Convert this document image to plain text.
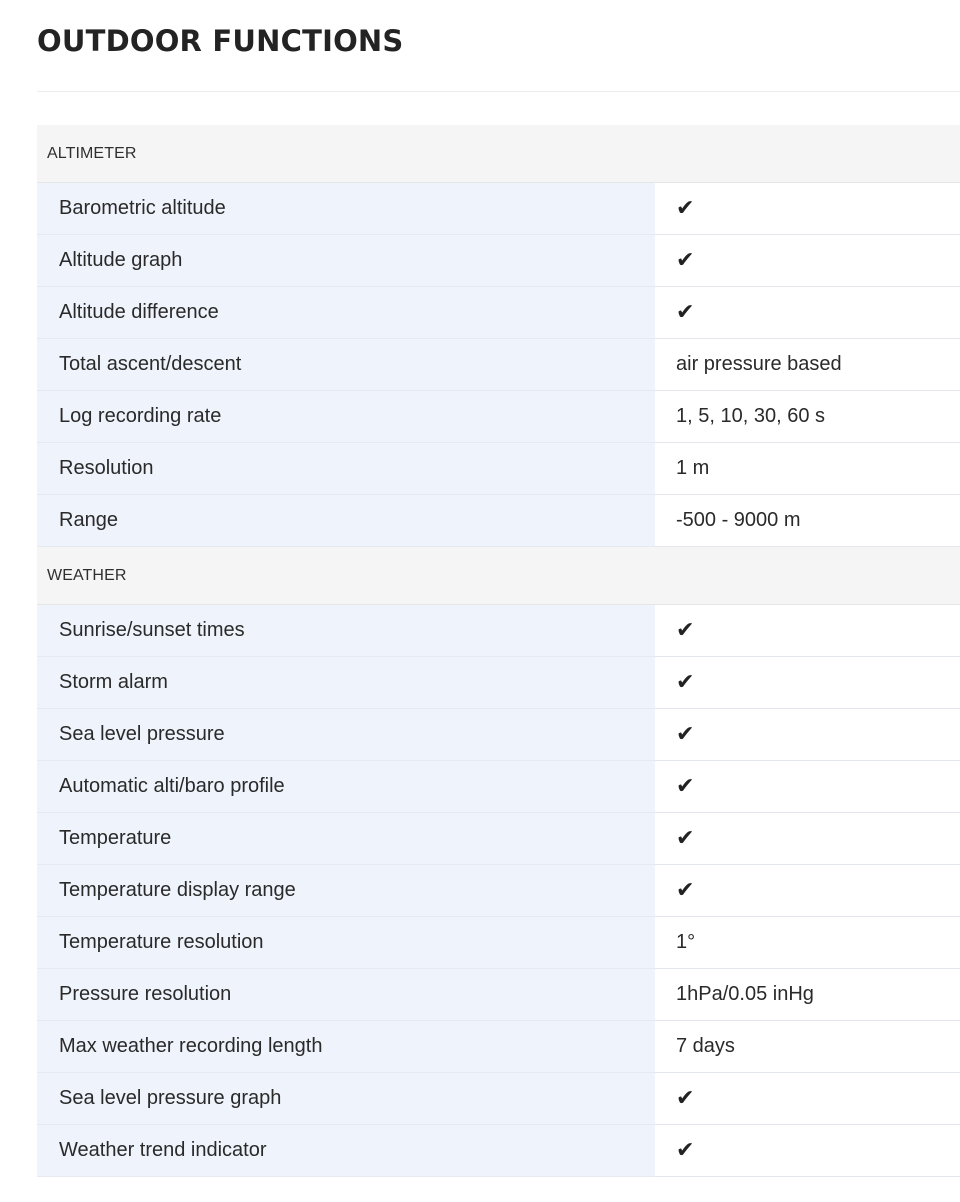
OUTDOOR FUNCTIONS
ALTIMETER
Barometric altitude	✔
Altitude graph	✔
Altitude difference	✔
Total ascent/descent	air pressure based
Log recording rate	1, 5, 10, 30, 60 s
Resolution	1 m
Range	-500 - 9000 m
WEATHER
Sunrise/sunset times	✔
Storm alarm	✔
Sea level pressure	✔
Automatic alti/baro profile	✔
Temperature	✔
Temperature display range	✔
Temperature resolution	1°
Pressure resolution	1hPa/0.05 inHg
Max weather recording length	7 days
Sea level pressure graph	✔
Weather trend indicator	✔
